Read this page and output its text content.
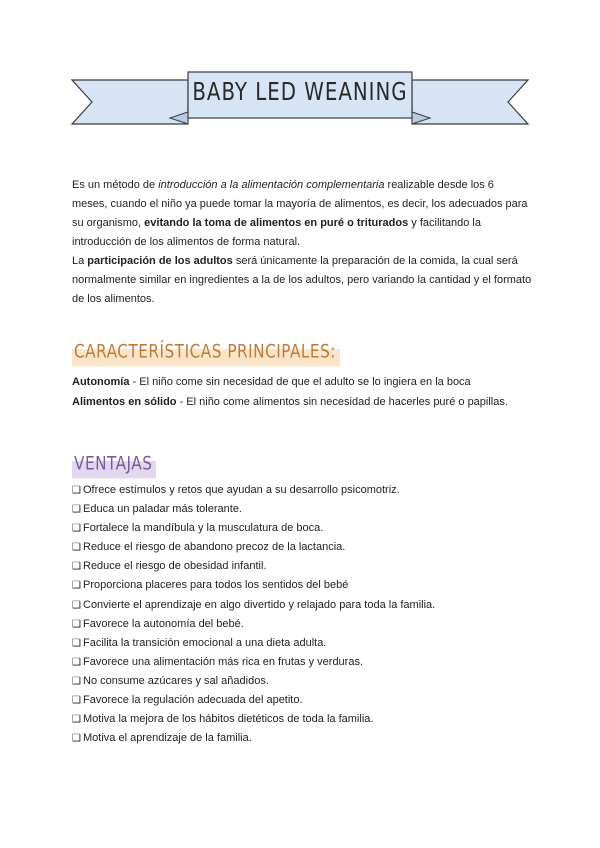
BABY LED WEANING

Es un método de introducción a la alimentación complementaria realizable desde los 6 meses, cuando el niño ya puede tomar la mayoría de alimentos, es decir, los adecuados para su organismo, evitando la toma de alimentos en puré o triturados y facilitando la introducción de los alimentos de forma natural.

La participación de los adultos será únicamente la preparación de la comida, la cual será normalmente similar en ingredientes a la de los adultos, pero variando la cantidad y el formato de los alimentos.

CARACTERÍSTICAS PRINCIPALES:
Autonomía - El niño come sin necesidad de que el adulto se lo ingiera en la boca
Alimentos en sólido - El niño come alimentos sin necesidad de hacerles puré o papillas.
VENTAJAS
❑ Ofrece estímulos y retos que ayudan a su desarrollo psicomotriz.
❑ Educa un paladar más tolerante.
❑ Fortalece la mandíbula y la musculatura de boca.
❑ Reduce el riesgo de abandono precoz de la lactancia.
❑ Reduce el riesgo de obesidad infantil.
❑ Proporciona placeres para todos los sentidos del bebé
❑ Convierte el aprendizaje en algo divertido y relajado para toda la familia.
❑ Favorece la autonomía del bebé.
❑ Facilita la transición emocional a una dieta adulta.
❑ Favorece una alimentación más rica en frutas y verduras.
❑ No consume azúcares y sal añadidos.
❑ Favorece la regulación adecuada del apetito.
❑ Motiva la mejora de los hábitos dietéticos de toda la familia.
❑ Motiva el aprendizaje de la familia.
